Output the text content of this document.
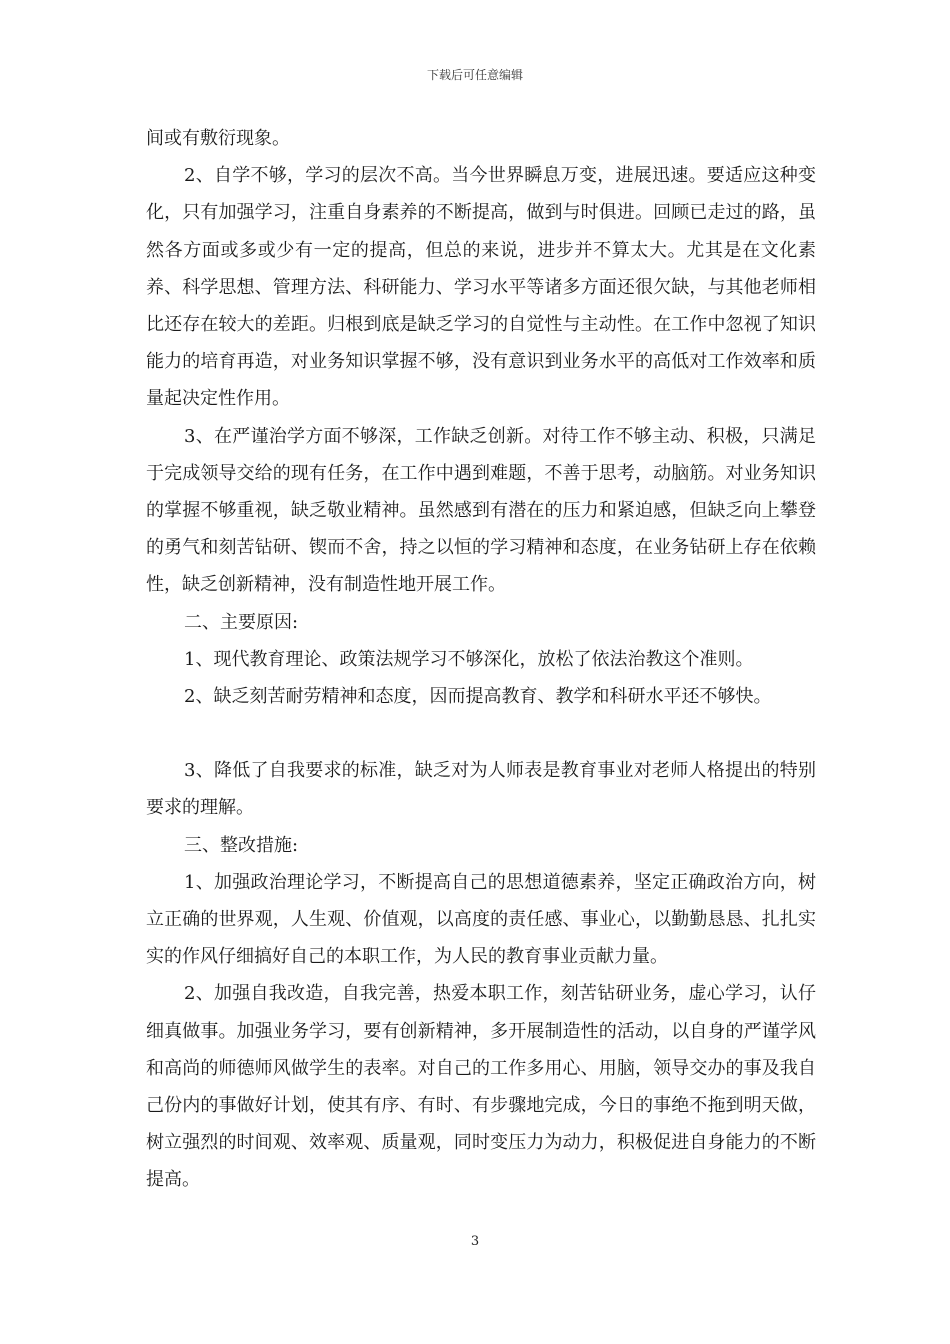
下载后可任意编辑

间或有敷衍现象。

2、自学不够，学习的层次不高。当今世界瞬息万变，进展迅速。要适应这种变化，只有加强学习，注重自身素养的不断提高，做到与时俱进。回顾已走过的路，虽然各方面或多或少有一定的提高，但总的来说，进步并不算太大。尤其是在文化素养、科学思想、管理方法、科研能力、学习水平等诸多方面还很欠缺，与其他老师相比还存在较大的差距。归根到底是缺乏学习的自觉性与主动性。在工作中忽视了知识能力的培育再造，对业务知识掌握不够，没有意识到业务水平的高低对工作效率和质量起决定性作用。

3、在严谨治学方面不够深，工作缺乏创新。对待工作不够主动、积极，只满足于完成领导交给的现有任务，在工作中遇到难题，不善于思考，动脑筋。对业务知识的掌握不够重视，缺乏敬业精神。虽然感到有潜在的压力和紧迫感，但缺乏向上攀登的勇气和刻苦钻研、锲而不舍，持之以恒的学习精神和态度，在业务钻研上存在依赖性，缺乏创新精神，没有制造性地开展工作。

二、主要原因:

1、现代教育理论、政策法规学习不够深化，放松了依法治教这个准则。

2、缺乏刻苦耐劳精神和态度，因而提高教育、教学和科研水平还不够快。

3、降低了自我要求的标准，缺乏对为人师表是教育事业对老师人格提出的特别要求的理解。

三、整改措施:

1、加强政治理论学习，不断提高自己的思想道德素养，坚定正确政治方向，树立正确的世界观，人生观、价值观，以高度的责任感、事业心，以勤勤恳恳、扎扎实实的作风仔细搞好自己的本职工作，为人民的教育事业贡献力量。

2、加强自我改造，自我完善，热爱本职工作，刻苦钻研业务，虚心学习，认仔细真做事。加强业务学习，要有创新精神，多开展制造性的活动，以自身的严谨学风和高尚的师德师风做学生的表率。对自己的工作多用心、用脑，领导交办的事及我自己份内的事做好计划，使其有序、有时、有步骤地完成，今日的事绝不拖到明天做，树立强烈的时间观、效率观、质量观，同时变压力为动力，积极促进自身能力的不断提高。

3
